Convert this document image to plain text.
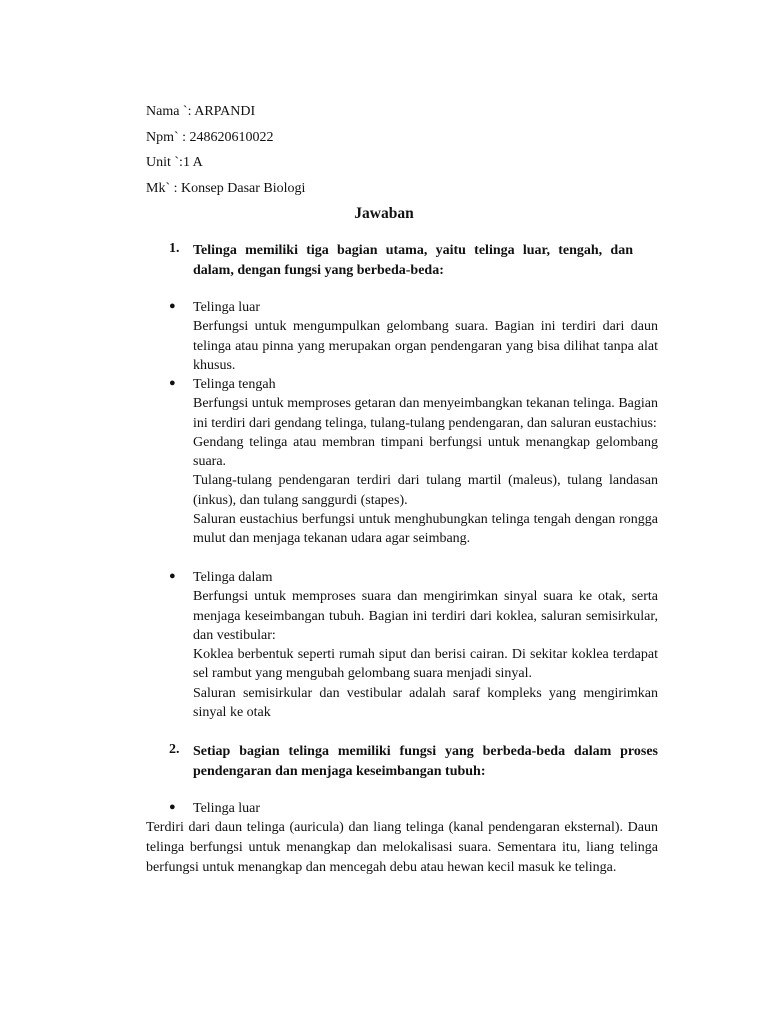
Nama `: ARPANDI
Npm` : 248620610022
Unit `:1 A
Mk` : Konsep Dasar Biologi
Jawaban
1. Telinga memiliki tiga bagian utama, yaitu telinga luar, tengah, dan dalam, dengan fungsi yang berbeda-beda:
● Telinga luar

Berfungsi untuk mengumpulkan gelombang suara. Bagian ini terdiri dari daun telinga atau pinna yang merupakan organ pendengaran yang bisa dilihat tanpa alat khusus.

● Telinga tengah

Berfungsi untuk memproses getaran dan menyeimbangkan tekanan telinga. Bagian ini terdiri dari gendang telinga, tulang-tulang pendengaran, dan saluran eustachius:

Gendang telinga atau membran timpani berfungsi untuk menangkap gelombang suara.

Tulang-tulang pendengaran terdiri dari tulang martil (maleus), tulang landasan (inkus), dan tulang sanggurdi (stapes).

Saluran eustachius berfungsi untuk menghubungkan telinga tengah dengan rongga mulut dan menjaga tekanan udara agar seimbang.

● Telinga dalam

Berfungsi untuk memproses suara dan mengirimkan sinyal suara ke otak, serta menjaga keseimbangan tubuh. Bagian ini terdiri dari koklea, saluran semisirkular, dan vestibular:

Koklea berbentuk seperti rumah siput dan berisi cairan. Di sekitar koklea terdapat sel rambut yang mengubah gelombang suara menjadi sinyal.

Saluran semisirkular dan vestibular adalah saraf kompleks yang mengirimkan sinyal ke otak

2. Setiap bagian telinga memiliki fungsi yang berbeda-beda dalam proses pendengaran dan menjaga keseimbangan tubuh:
● Telinga luar

Terdiri dari daun telinga (auricula) dan liang telinga (kanal pendengaran eksternal). Daun telinga berfungsi untuk menangkap dan melokalisasi suara. Sementara itu, liang telinga berfungsi untuk menangkap dan mencegah debu atau hewan kecil masuk ke telinga.
